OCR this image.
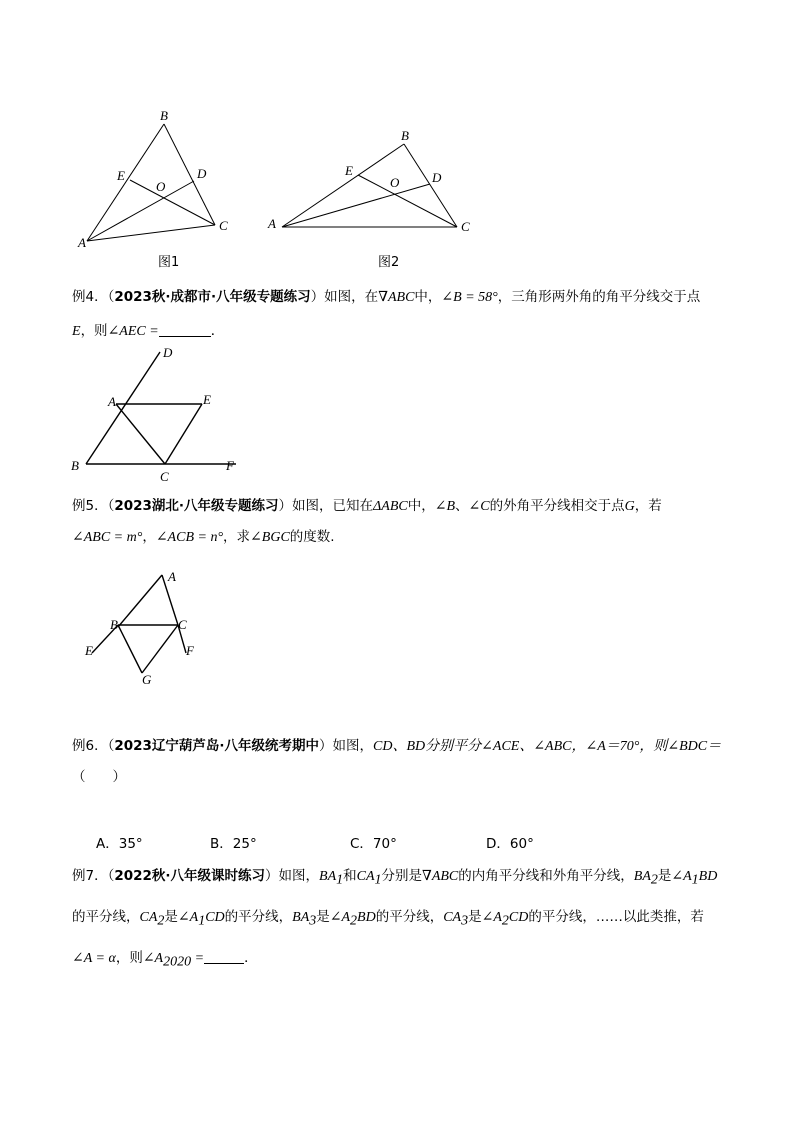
B
E	D
O
A
C
图1
B
E
O	D
A	C
图2
例4．（2023秋·成都市·八年级专题练习）如图，在∇ABC中，∠B = 58°，三角形两外角的角平分线交于点
E，则∠AEC =	．
D
A	E
B
C
F
例5．（2023湖北·八年级专题练习）如图，已知在ΔABC中，∠B、∠C的外角平分线相交于点G，若
∠ABC = m°，∠ACB = n°，求∠BGC的度数.
A
B	C
E	F
G
例6．（2023辽宁葫芦岛·八年级统考期中）如图，CD、BD分别平分∠ACE、∠ABC，∠A＝70°，则∠BDC＝
（　　）
A．35°	B．25°	C．70°	D．60°
例7．（2022秋·八年级课时练习）如图，$BA_1$和$CA_1$分别是∇ABC的内角平分线和外角平分线，$BA_2$是$\angle A_1BD$
的平分线，$CA_2$是$\angle A_1CD$的平分线，$BA_3$是$\angle A_2BD$的平分线，$CA_3$是$\angle A_2CD$的平分线，……以此类推，若
∠A = α，则$\angle A_{2020}$ =	．
